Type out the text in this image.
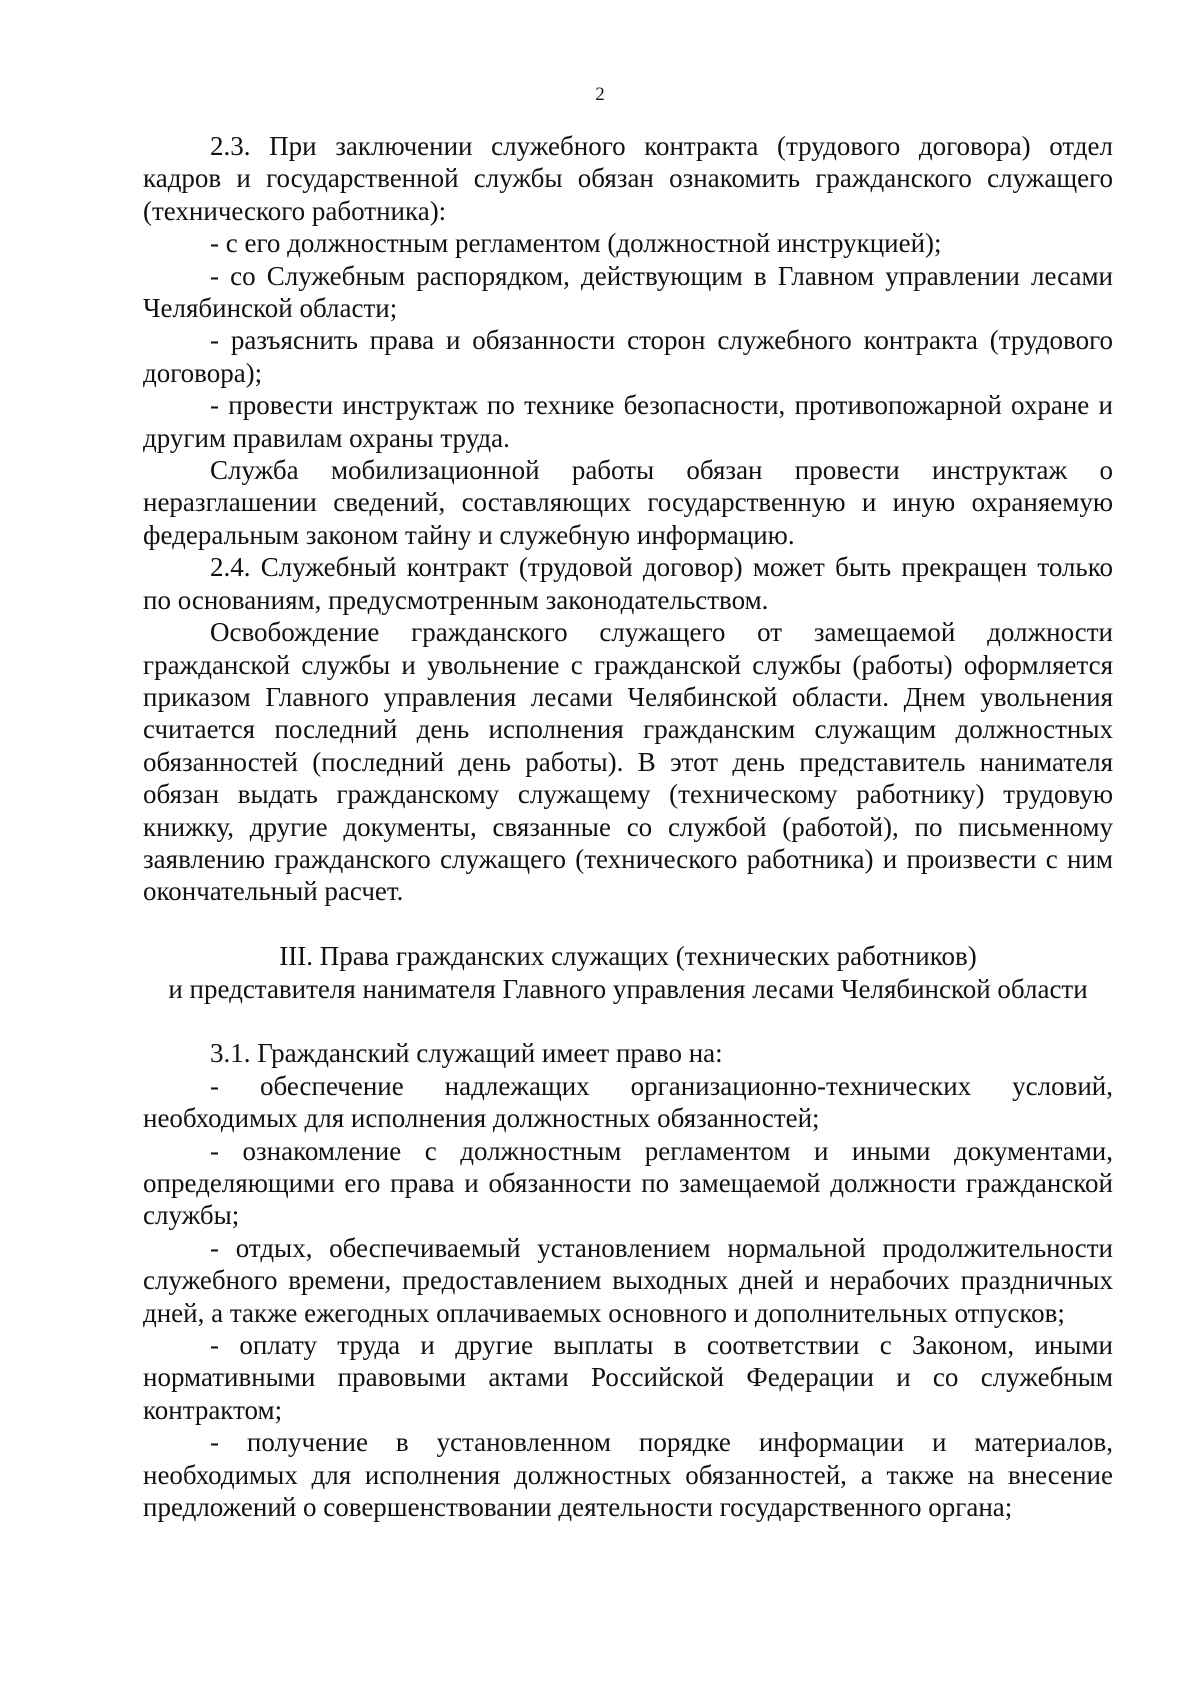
2

2.3. При заключении служебного контракта (трудового договора) отдел кадров и государственной службы обязан ознакомить гражданского служащего (технического работника):

- с его должностным регламентом (должностной инструкцией);

- со Служебным распорядком, действующим в Главном управлении лесами Челябинской области;

- разъяснить права и обязанности сторон служебного контракта (трудового договора);

- провести инструктаж по технике безопасности, противопожарной охране и другим правилам охраны труда.

Служба мобилизационной работы обязан провести инструктаж о неразглашении сведений, составляющих государственную и иную охраняемую федеральным законом тайну и служебную информацию.

2.4. Служебный контракт (трудовой договор) может быть прекращен только по основаниям, предусмотренным законодательством.

Освобождение гражданского служащего от замещаемой должности гражданской службы и увольнение с гражданской службы (работы) оформляется приказом Главного управления лесами Челябинской области. Днем увольнения считается последний день исполнения гражданским служащим должностных обязанностей (последний день работы). В этот день представитель нанимателя обязан выдать гражданскому служащему (техническому работнику) трудовую книжку, другие документы, связанные со службой (работой), по письменному заявлению гражданского служащего (технического работника) и произвести с ним окончательный расчет.

III. Права гражданских служащих (технических работников)

и представителя нанимателя Главного управления лесами Челябинской области

3.1. Гражданский служащий имеет право на:

- обеспечение надлежащих организационно-технических условий, необходимых для исполнения должностных обязанностей;

- ознакомление с должностным регламентом и иными документами, определяющими его права и обязанности по замещаемой должности гражданской службы;

- отдых, обеспечиваемый установлением нормальной продолжительности служебного времени, предоставлением выходных дней и нерабочих праздничных дней, а также ежегодных оплачиваемых основного и дополнительных отпусков;

- оплату труда и другие выплаты в соответствии с Законом, иными нормативными правовыми актами Российской Федерации и со служебным контрактом;

- получение в установленном порядке информации и материалов, необходимых для исполнения должностных обязанностей, а также на внесение предложений о совершенствовании деятельности государственного органа;
